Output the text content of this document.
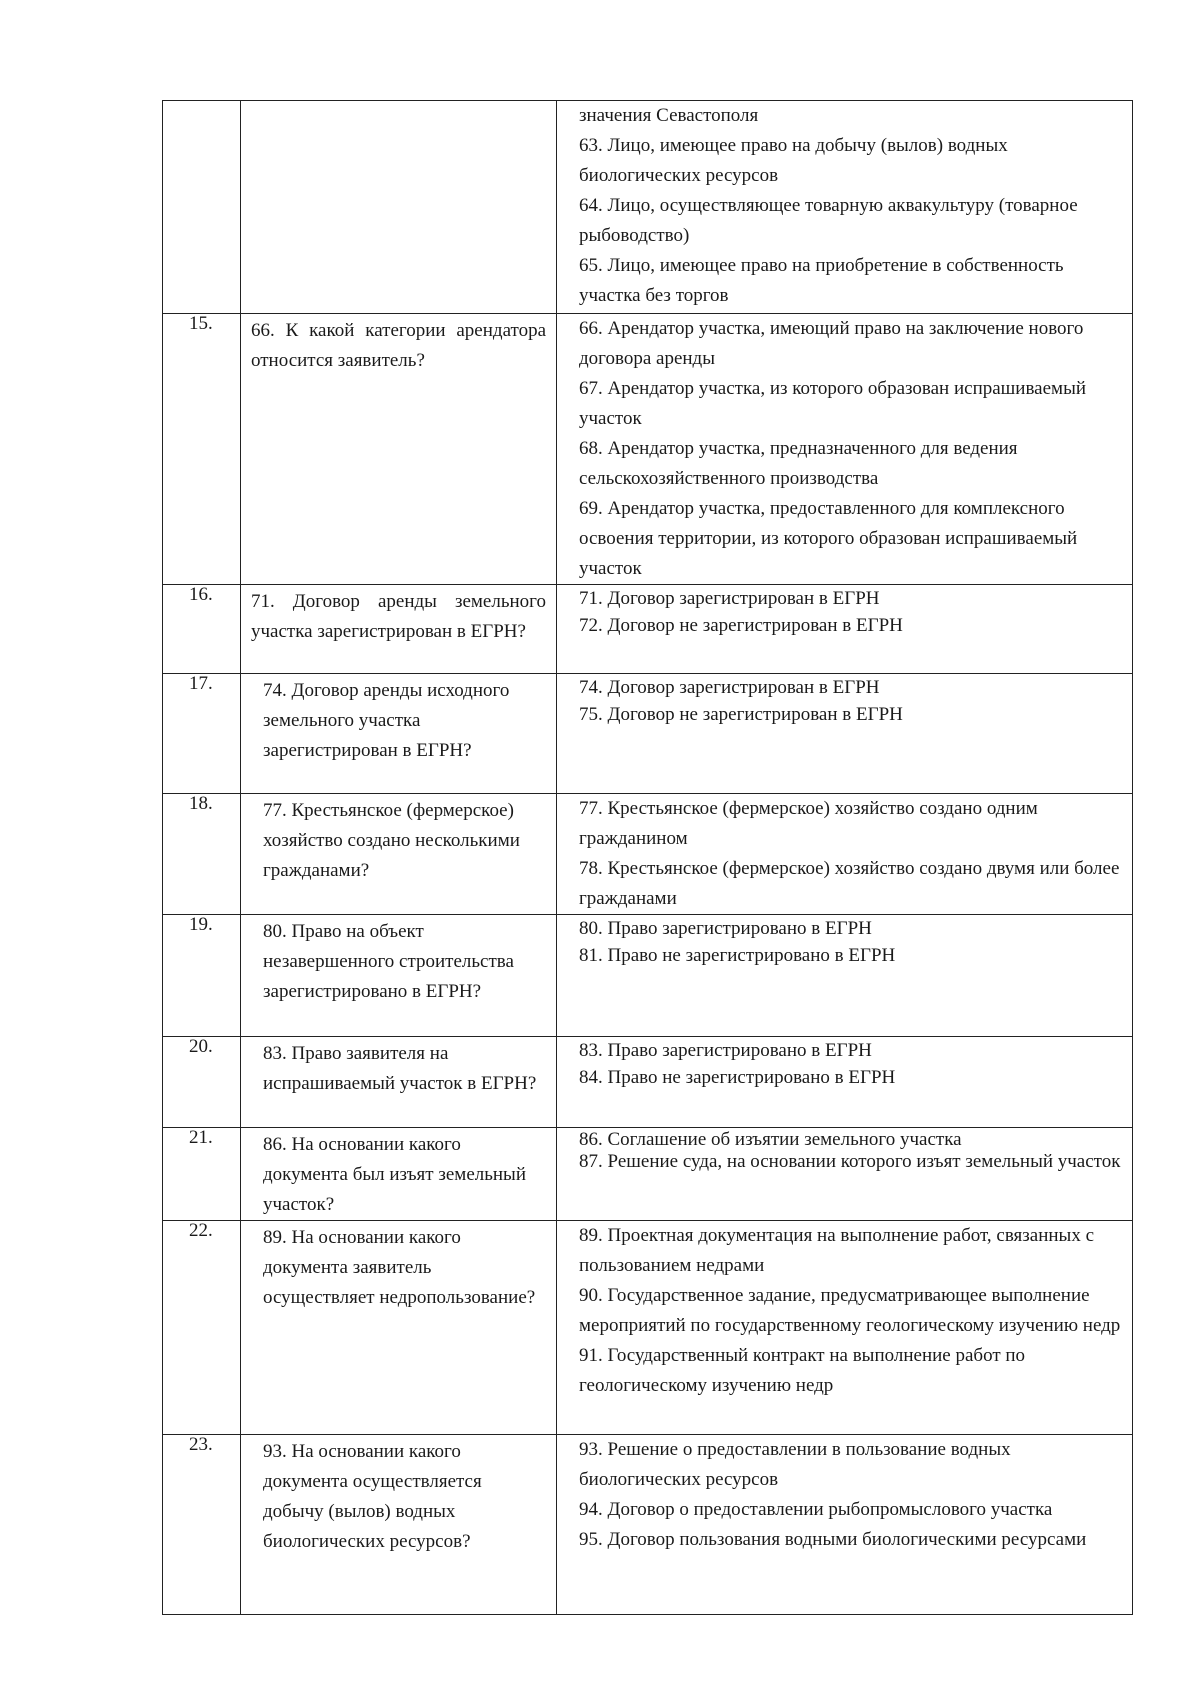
		значения Севастополя
63. Лицо, имеющее право на добычу (вылов) водных биологических ресурсов
64. Лицо, осуществляющее товарную аквакультуру (товарное рыбоводство)
65. Лицо, имеющее право на приобретение в собственность участка без торгов

15.	66. К какой категории арендатора относится заявитель?	66. Арендатор участка, имеющий право на заключение нового договора аренды
67. Арендатор участка, из которого образован испрашиваемый участок
68. Арендатор участка, предназначенного для ведения сельскохозяйственного производства
69. Арендатор участка, предоставленного для комплексного освоения территории, из которого образован испрашиваемый участок

16.	71. Договор аренды земельного участка зарегистрирован в ЕГРН?	71. Договор зарегистрирован в ЕГРН
72. Договор не зарегистрирован в ЕГРН

17.	74. Договор аренды исходного земельного участка зарегистрирован в ЕГРН?	74. Договор зарегистрирован в ЕГРН
75. Договор не зарегистрирован в ЕГРН

18.	77. Крестьянское (фермерское) хозяйство создано несколькими гражданами?	77. Крестьянское (фермерское) хозяйство создано одним гражданином
78. Крестьянское (фермерское) хозяйство создано двумя или более гражданами

19.	80. Право на объект незавершенного строительства зарегистрировано в ЕГРН?	80. Право зарегистрировано в ЕГРН
81. Право не зарегистрировано в ЕГРН

20.	83. Право заявителя на испрашиваемый участок в ЕГРН?	83. Право зарегистрировано в ЕГРН
84. Право не зарегистрировано в ЕГРН

21.	86. На основании какого документа был изъят земельный участок?	86. Соглашение об изъятии земельного участка
87. Решение суда, на основании которого изъят земельный участок

22.	89. На основании какого документа заявитель осуществляет недропользование?	89. Проектная документация на выполнение работ, связанных с пользованием недрами
90. Государственное задание, предусматривающее выполнение мероприятий по государственному геологическому изучению недр
91. Государственный контракт на выполнение работ по геологическому изучению недр

23.	93. На основании какого документа осуществляется добычу (вылов) водных биологических ресурсов?	93. Решение о предоставлении в пользование водных биологических ресурсов
94. Договор о предоставлении рыбопромыслового участка
95. Договор пользования водными биологическими ресурсами
